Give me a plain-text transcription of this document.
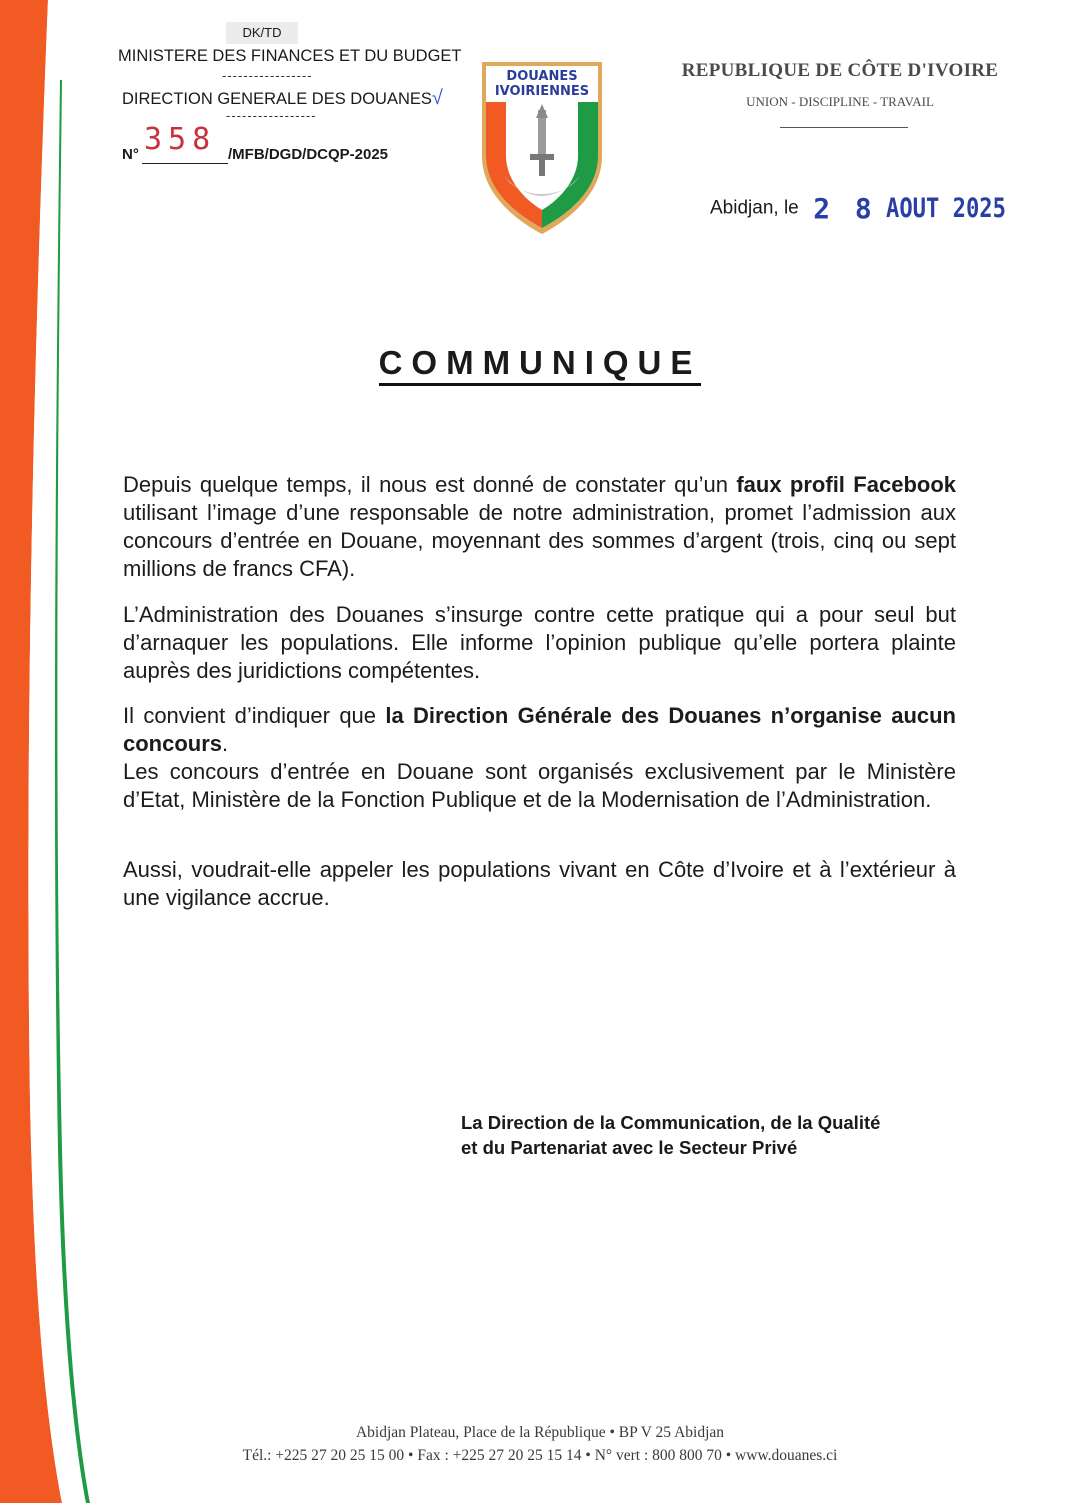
DK/TD
MINISTERE DES FINANCES ET DU BUDGET
-----------------
DIRECTION GENERALE DES DOUANES√
-----------------
N° 358 /MFB/DGD/DCQP-2025
DOUANES
IVOIRIENNES
REPUBLIQUE DE CÔTE D'IVOIRE
UNION - DISCIPLINE - TRAVAIL
Abidjan, le 2 8 AOUT 2025
COMMUNIQUE

Depuis quelque temps, il nous est donné de constater qu’un faux profil Facebook utilisant l’image d’une responsable de notre administration, promet l’admission aux concours d’entrée en Douane, moyennant des sommes d’argent (trois, cinq ou sept millions de francs CFA).

L’Administration des Douanes s’insurge contre cette pratique qui a pour seul but d’arnaquer les populations. Elle informe l’opinion publique qu’elle portera plainte auprès des juridictions compétentes.

Il convient d’indiquer que la Direction Générale des Douanes n’organise aucun concours.

Les concours d’entrée en Douane sont organisés exclusivement par le Ministère d’Etat, Ministère de la Fonction Publique et de la Modernisation de l’Administration.

Aussi, voudrait-elle appeler les populations vivant en Côte d’Ivoire et à l’extérieur à une vigilance accrue.

La Direction de la Communication, de la Qualité
et du Partenariat avec le Secteur Privé
Abidjan Plateau, Place de la République • BP V 25 Abidjan
Tél.: +225 27 20 25 15 00 • Fax : +225 27 20 25 15 14 • N° vert : 800 800 70 • www.douanes.ci
